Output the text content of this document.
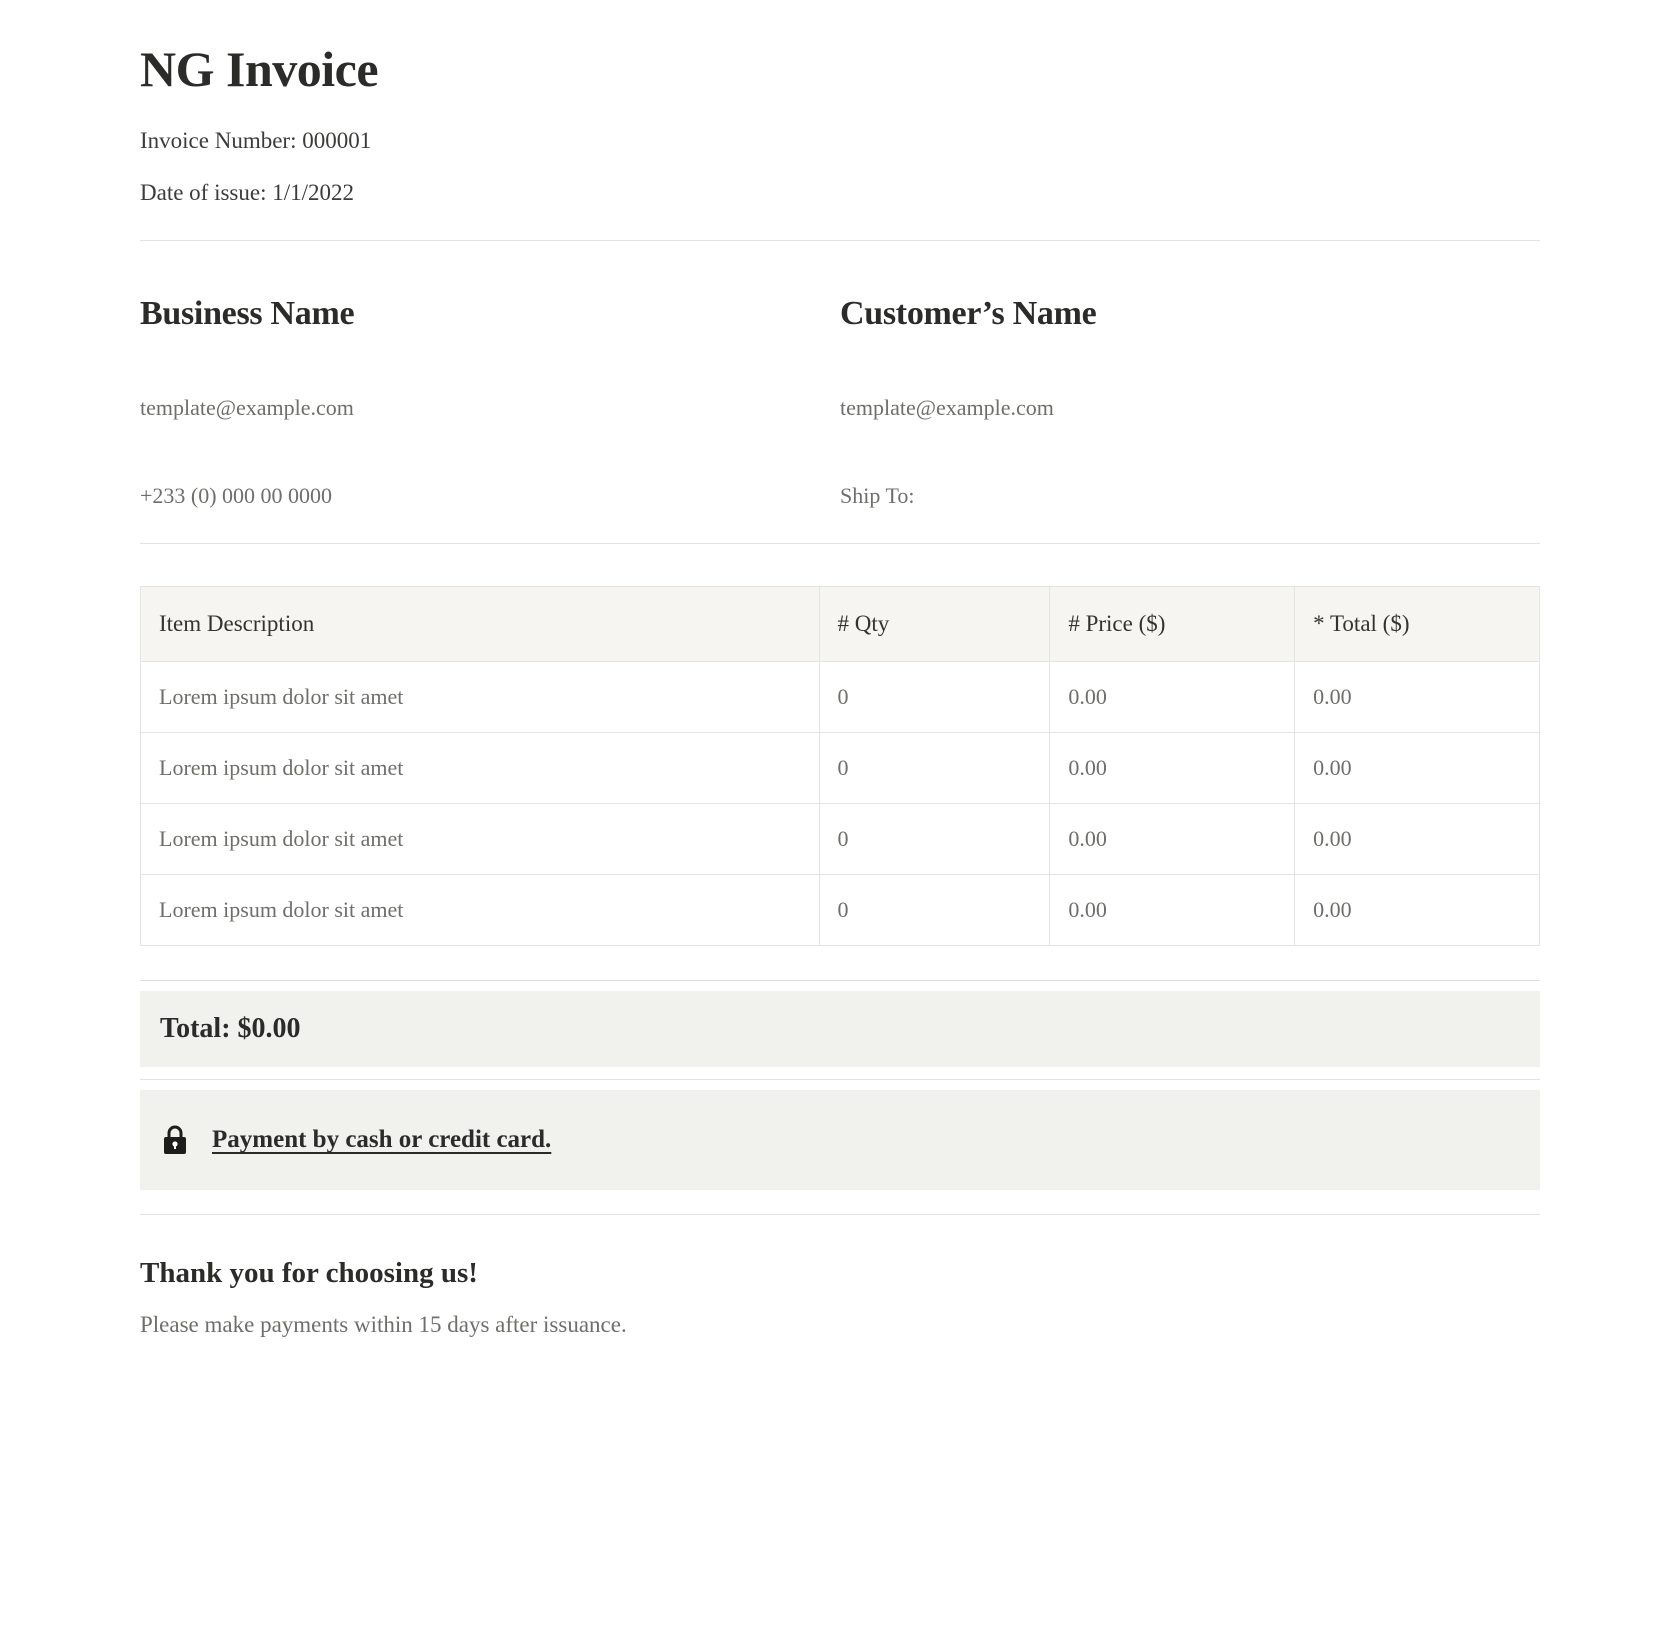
NG Invoice

Invoice Number: 000001

Date of issue: 1/1/2022

Business Name
template@example.com
+233 (0) 000 00 0000
Customer’s Name
template@example.com
Ship To:
Item Description	# Qty	# Price ($)	* Total ($)
Lorem ipsum dolor sit amet	0	0.00	0.00
Lorem ipsum dolor sit amet	0	0.00	0.00
Lorem ipsum dolor sit amet	0	0.00	0.00
Lorem ipsum dolor sit amet	0	0.00	0.00
Total: $0.00
Payment by cash or credit card.
Thank you for choosing us!

Please make payments within 15 days after issuance.
